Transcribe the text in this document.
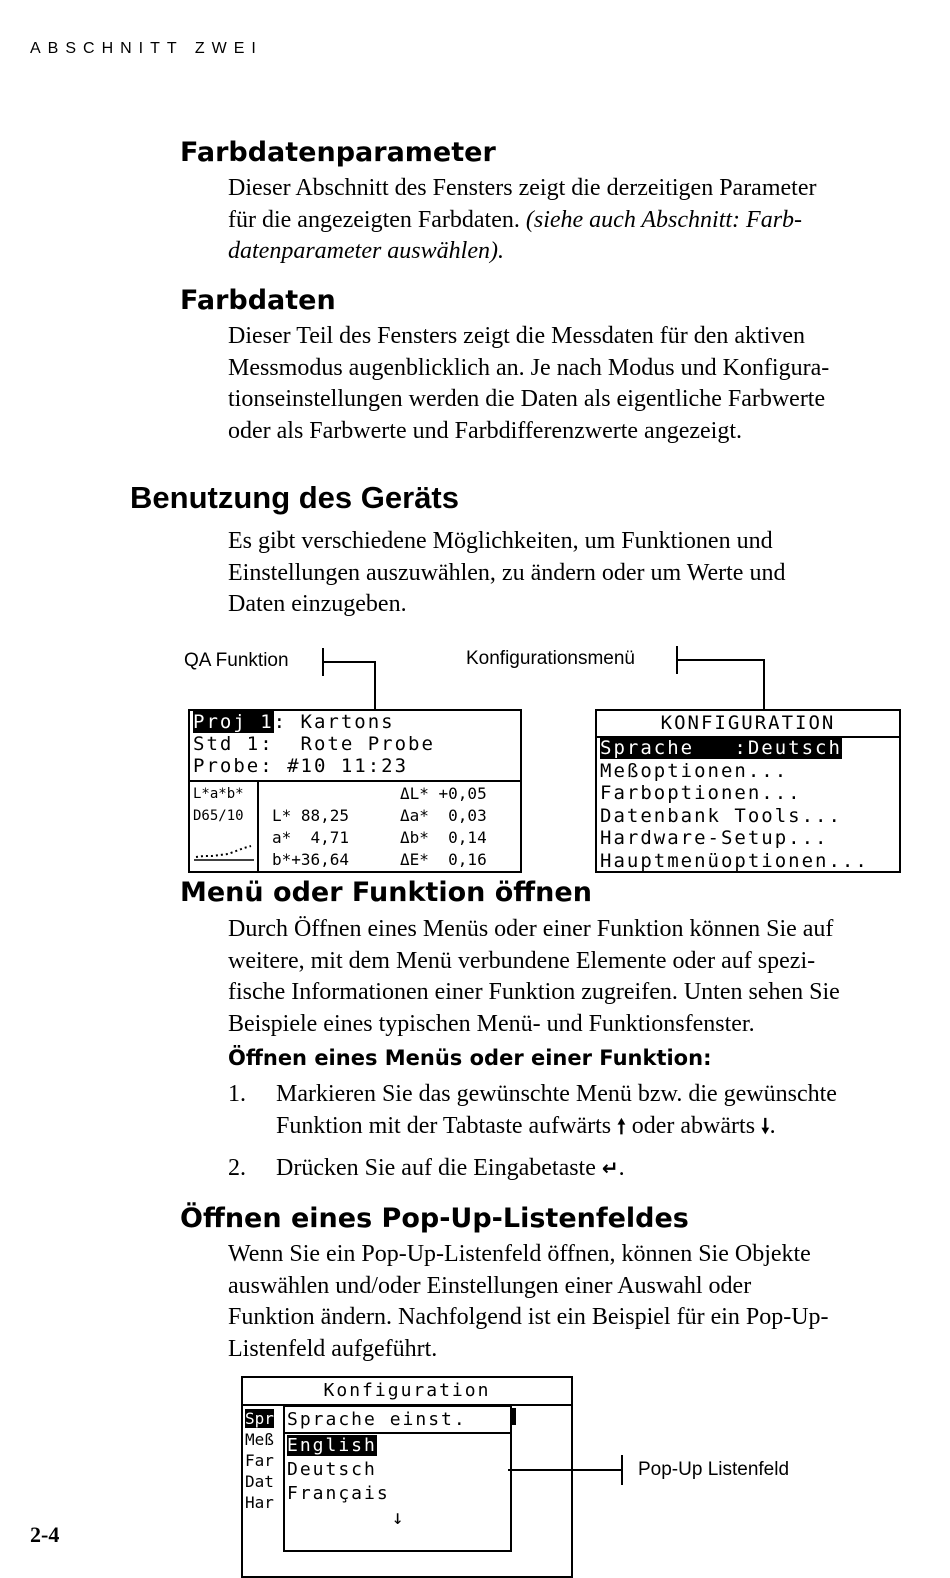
ABSCHNITT ZWEI
Farbdatenparameter

Dieser Abschnitt des Fensters zeigt die derzeitigen Parameter

für die angezeigten Farbdaten. (siehe auch Abschnitt: Farb-

datenparameter auswählen).

Farbdaten

Dieser Teil des Fensters zeigt die Messdaten für den aktiven

Messmodus augenblicklich an. Je nach Modus und Konfigura-

tionseinstellungen werden die Daten als eigentliche Farbwerte

oder als Farbwerte und Farbdifferenzwerte angezeigt.

Benutzung des Geräts

Es gibt verschiedene Möglichkeiten, um Funktionen und

Einstellungen auszuwählen, zu ändern oder um Werte und

Daten einzugeben.

QA Funktion	Konfigurationsmenü
Proj 1: Kartons
Std 1:  Rote Probe
Probe: #10 11:23
L*a*b*
D65/10 L* 88,25
a*  4,71
b*+36,64
ΔL* +0,05
Δa*  0,03
Δb*  0,14
ΔE*  0,16
KONFIGURATION
Sprache   :Deutsch
Meßoptionen...
Farboptionen...
Datenbank Tools...
Hardware-Setup...
Hauptmenüoptionen...
Menü oder Funktion öffnen

Durch Öffnen eines Menüs oder einer Funktion können Sie auf

weitere, mit dem Menü verbundene Elemente oder auf spezi-

fische Informationen einer Funktion zugreifen. Unten sehen Sie

Beispiele eines typischen Menü- und Funktionsfenster.

Öffnen eines Menüs oder einer Funktion:
1. Markieren Sie das gewünschte Menü bzw. die gewünschte

Funktion mit der Tabtaste aufwärts 🠕 oder abwärts 🠗.

2. Drücken Sie auf die Eingabetaste ↵.

Öffnen eines Pop-Up-Listenfeldes

Wenn Sie ein Pop-Up-Listenfeld öffnen, können Sie Objekte

auswählen und/oder Einstellungen einer Auswahl oder

Funktion ändern. Nachfolgend ist ein Beispiel für ein Pop-Up-

Listenfeld aufgeführt.

Konfiguration
Spr
Meß
Far
Dat
Har
Sprache einst.
English
Deutsch
Français
↓
Pop-Up Listenfeld
2-4
